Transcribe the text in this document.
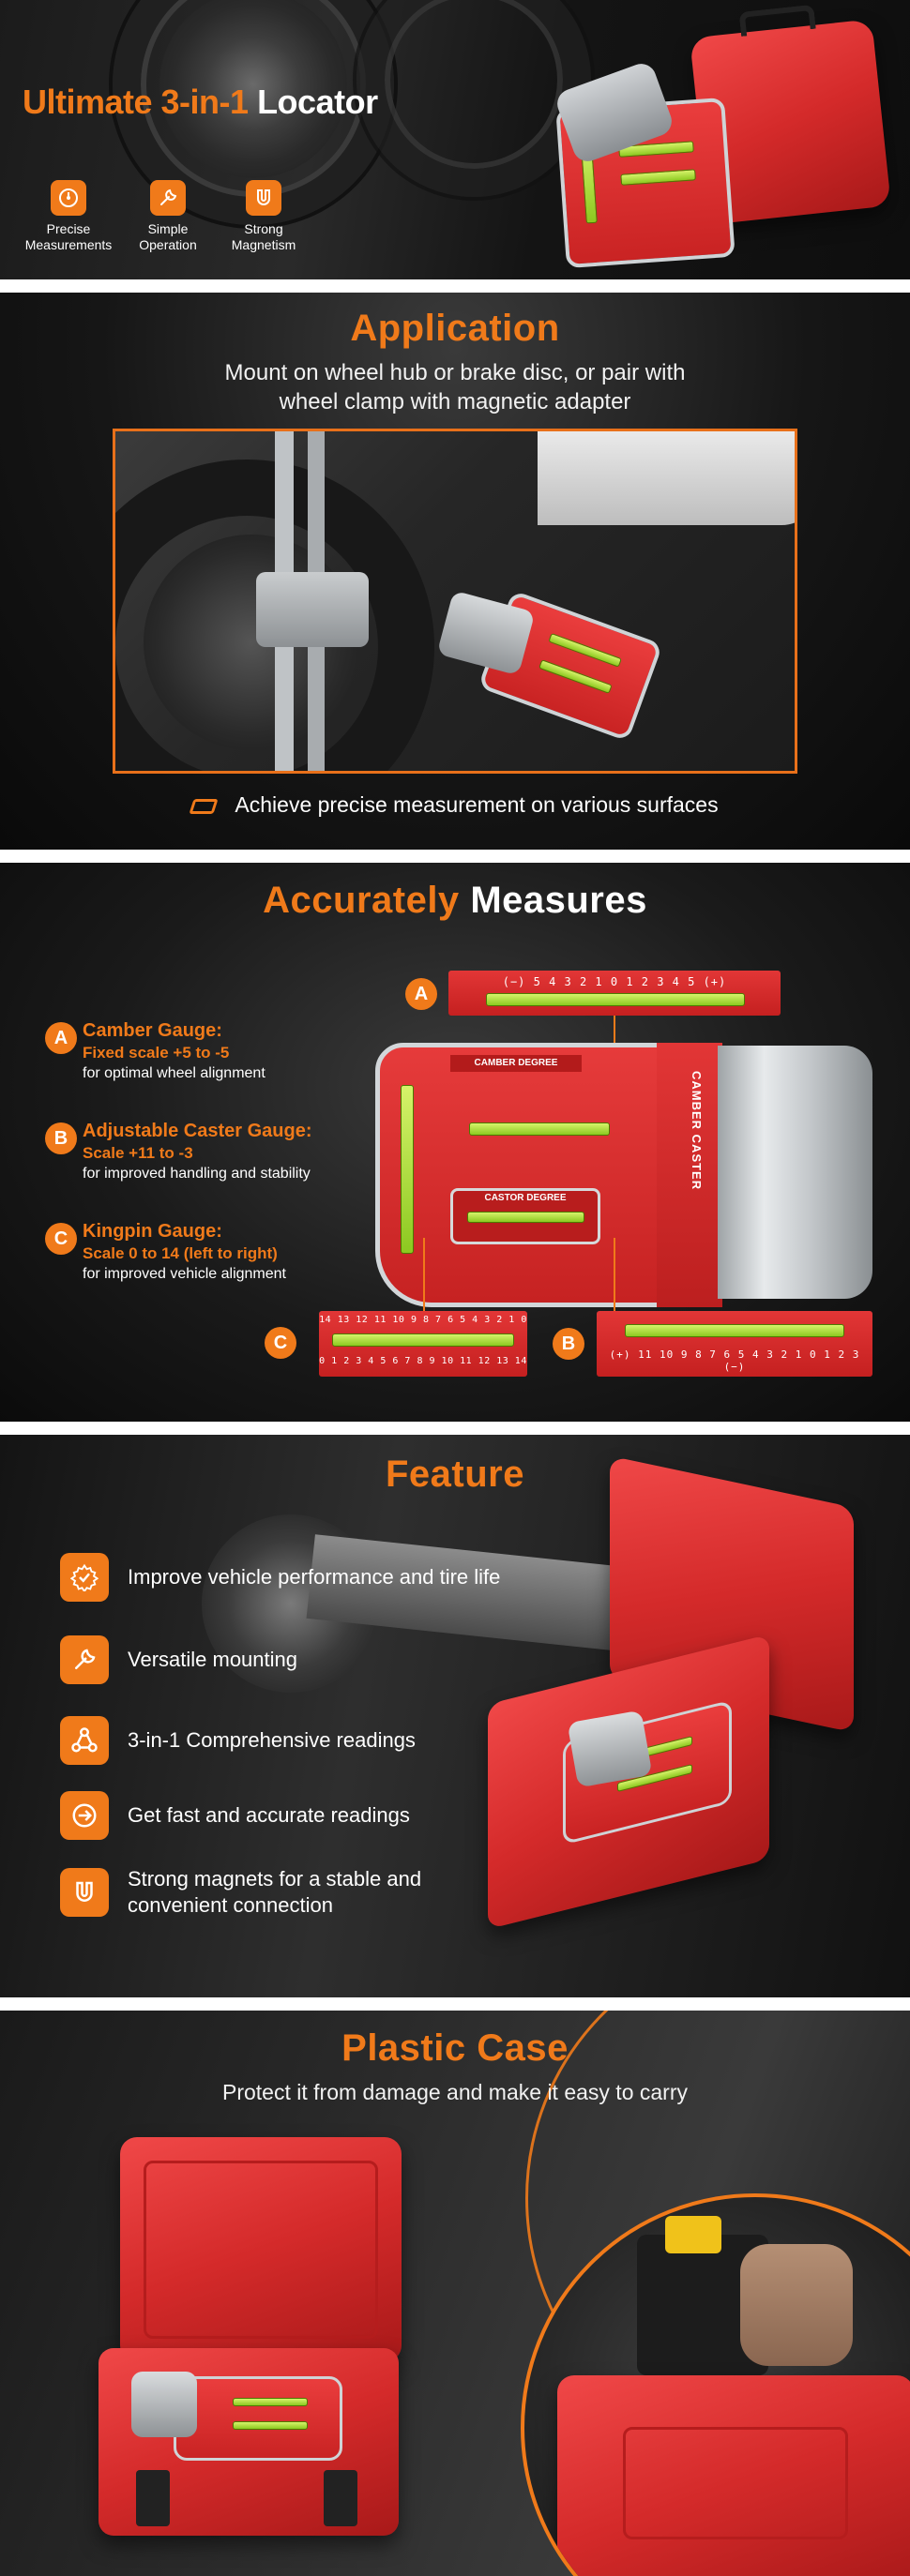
Ultimate 3-in-1 Locator
Precise
Measurements
Simple
Operation
Strong
Magnetism
Application
Mount on wheel hub or brake disc, or pair with
wheel clamp with magnetic adapter
Achieve precise measurement on various surfaces
Accurately Measures
A
(−) 5 4 3 2 1 0 1 2 3 4 5 (+)
CAMBER DEGREE
CASTOR DEGREE
CAMBER CASTER
C
14 13 12 11 10 9 8 7 6 5 4 3 2 1 0
0 1 2 3 4 5 6 7 8 9 10 11 12 13 14
B
(+) 11 10 9 8 7 6 5 4 3 2 1 0 1 2 3 (−)
A Camber Gauge:
Fixed scale +5 to -5
for optimal wheel alignment
B Adjustable Caster Gauge:
Scale +11 to -3
for improved handling and stability
C Kingpin Gauge:
Scale 0 to 14 (left to right)
for improved vehicle alignment
Feature
Improve vehicle performance and tire life
Versatile mounting
3-in-1 Comprehensive readings
Get fast and accurate readings
Strong magnets for a stable and
convenient connection
Plastic Case
Protect it from damage and make it easy to carry
